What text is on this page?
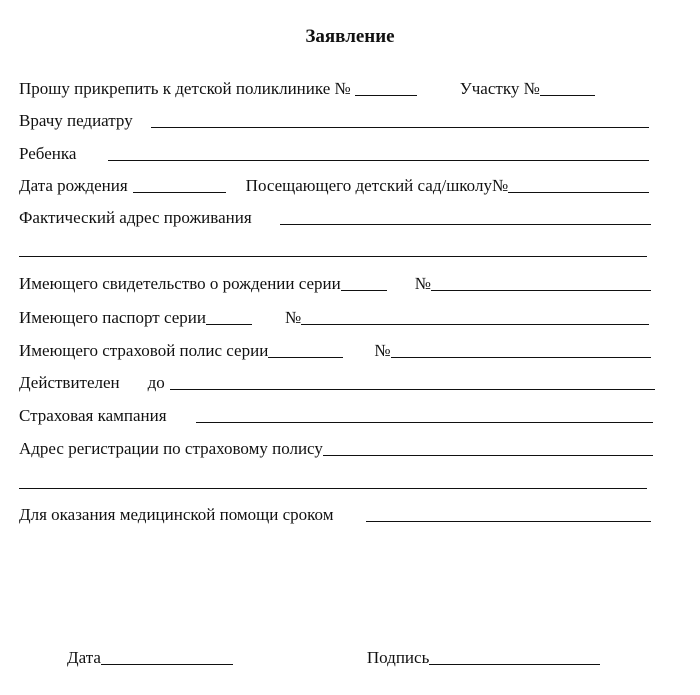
Заявление
Прошу прикрепить к детской поликлинике №	Участку №
Врачу педиатру
Ребенка
Дата рождения	Посещающего детский сад/школу№
Фактический адрес проживания
Имеющего свидетельство о рождении серии	№
Имеющего паспорт серии	№
Имеющего страховой полис серии	№
Действителен до
Страховая кампания
Адрес регистрации по страховому полису
Для оказания медицинской помощи сроком
Дата	Подпись
